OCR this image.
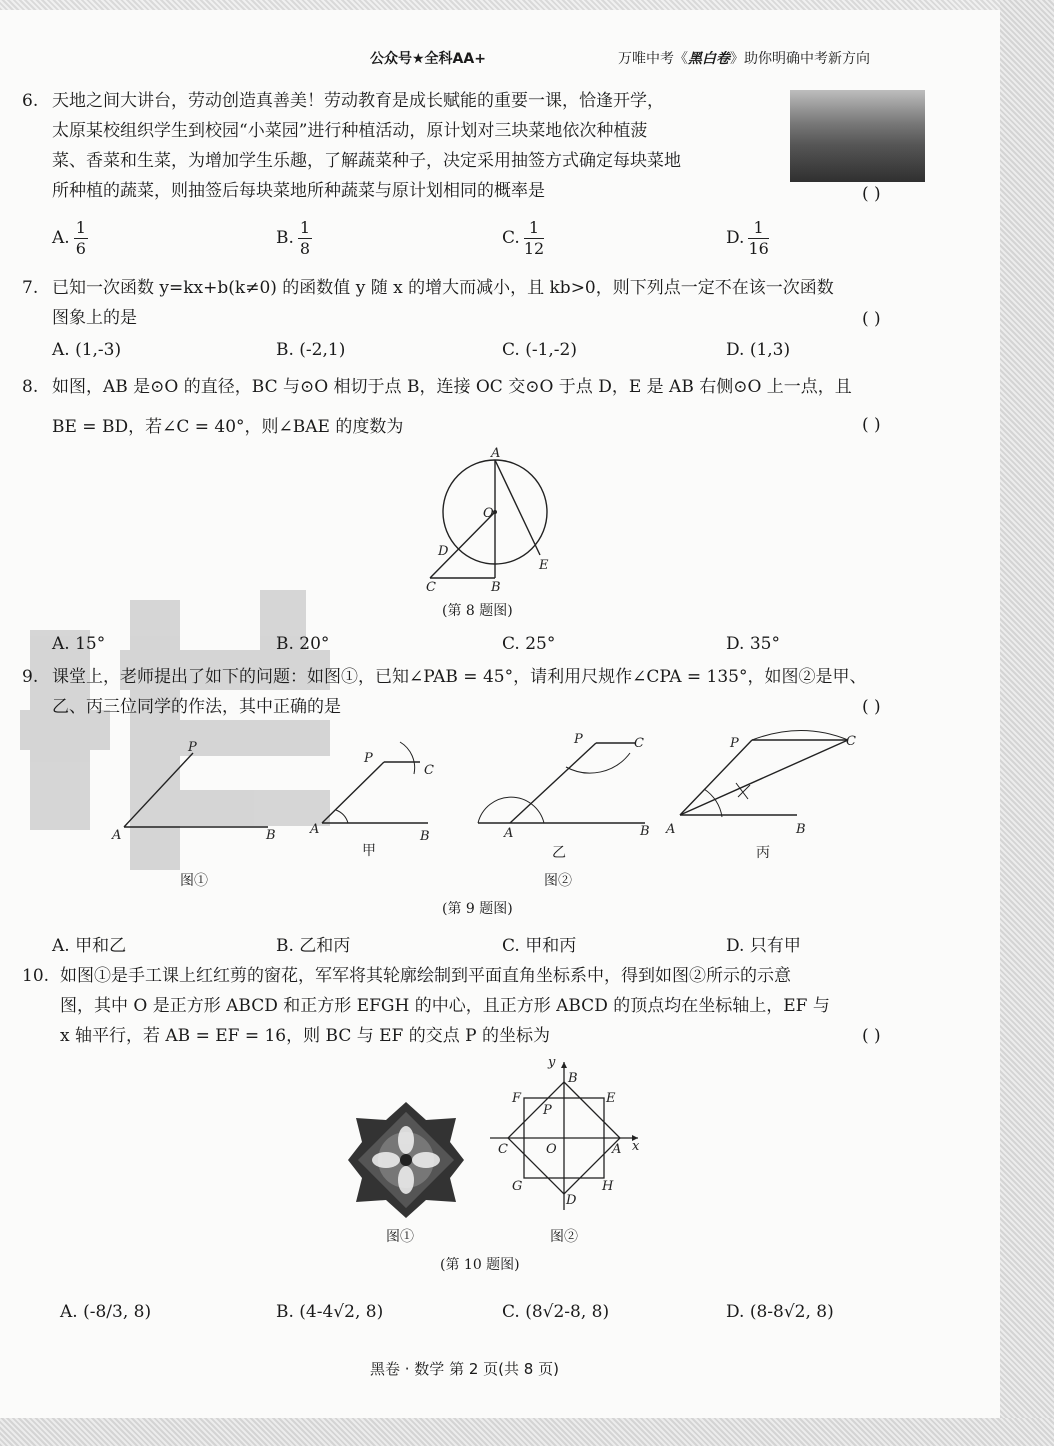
公众号★全科AA+	万唯中考《黑白卷》助你明确中考新方向
6. 天地之间大讲台，劳动创造真善美！劳动教育是成长赋能的重要一课，恰逢开学，
太原某校组织学生到校园“小菜园”进行种植活动，原计划对三块菜地依次种植菠
菜、香菜和生菜，为增加学生乐趣，了解蔬菜种子，决定采用抽签方式确定每块菜地
所种植的蔬菜，则抽签后每块菜地所种蔬菜与原计划相同的概率是	( )
A. $\frac{1}{6}$	B. $\frac{1}{8}$	C. $\frac{1}{12}$	D. $\frac{1}{16}$
7. 已知一次函数 y=kx+b(k≠0) 的函数值 y 随 x 的增大而减小，且 kb>0，则下列点一定不在该一次函数
图象上的是	( )
A. (1,-3)	B. (-2,1)	C. (-1,-2)	D. (1,3)
8. 如图，AB 是⊙O 的直径，BC 与⊙O 相切于点 B，连接 OC 交⊙O 于点 D，E 是 AB 右侧⊙O 上一点，且
BE = BD，若∠C = 40°，则∠BAE 的度数为	( )
A
O
D
C	B
E
(第 8 题图)
A. 15°	B. 20°	C. 25°	D. 35°
9. 课堂上，老师提出了如下的问题：如图①，已知∠PAB = 45°，请利用尺规作∠CPA = 135°，如图②是甲、
乙、丙三位同学的作法，其中正确的是	( )
P
A	B
图①
P
C
A	B
甲
P	C
A	B
乙
P	C
A	B
丙
图②
(第 9 题图)
A. 甲和乙	B. 乙和丙	C. 甲和丙	D. 只有甲
10. 如图①是手工课上红红剪的窗花，军军将其轮廓绘制到平面直角坐标系中，得到如图②所示的示意
图，其中 O 是正方形 ABCD 和正方形 EFGH 的中心，且正方形 ABCD 的顶点均在坐标轴上，EF 与
x 轴平行，若 AB = EF = 16，则 BC 与 EF 的交点 P 的坐标为	( )
y
B
F	E
P
C	O	A x
G
D
H
图①	图②
(第 10 题图)
A. (-8/3, 8)	B. (4-4√2, 8)	C. (8√2-8, 8)	D. (8-8√2, 8)
黑卷 · 数学 第 2 页(共 8 页)
